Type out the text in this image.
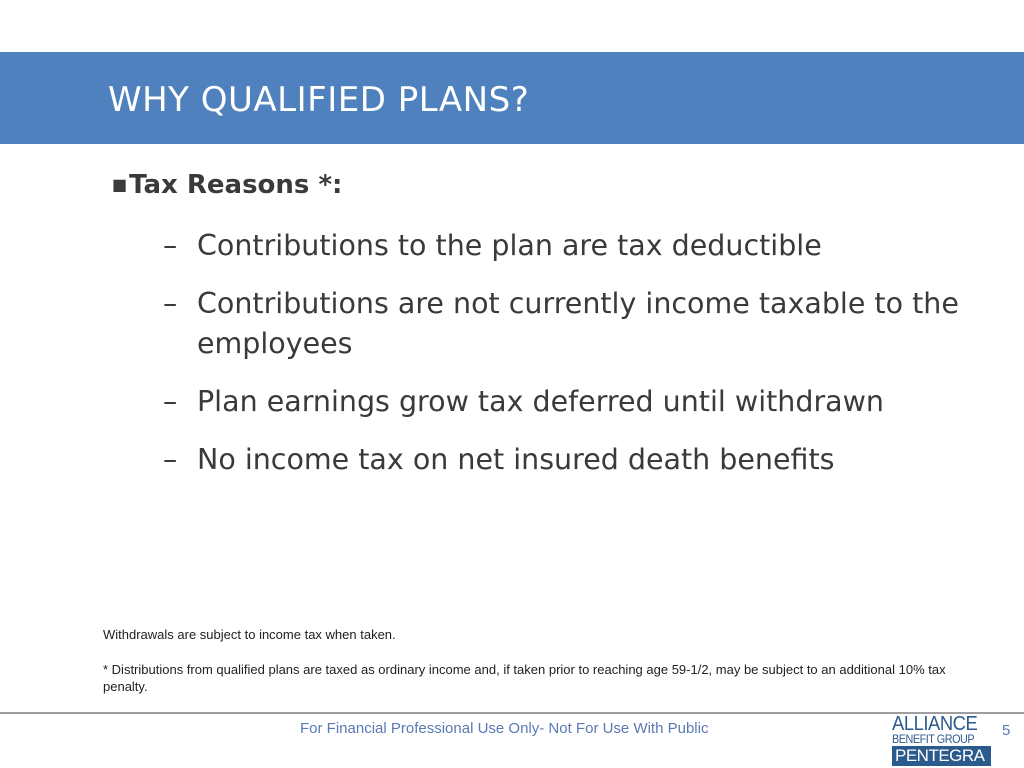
WHY QUALIFIED PLANS?
■Tax Reasons *:
– Contributions to the plan are tax deductible
– Contributions are not currently income taxable to the employees
– Plan earnings grow tax deferred until withdrawn
– No income tax on net insured death benefits
Withdrawals are subject to income tax when taken.
* Distributions from qualified plans are taxed as ordinary income and, if taken prior to reaching age 59-1/2, may be subject to an additional 10% tax penalty.
For Financial Professional Use Only- Not For Use With Public	ALLIANCE
BENEFIT GROUP
PENTEGRA
5
